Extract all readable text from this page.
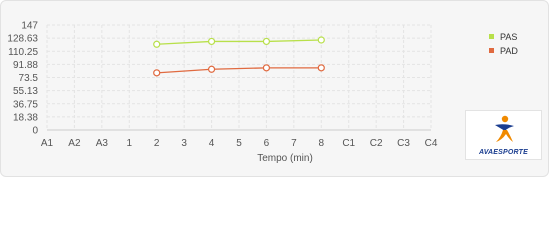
0
18.38
36.75
55.13
73.5
91.88
110.25
128.63
147
A1 A2 A3 1 2 3 4 5 6 7 8 C1 C2 C3 C4
Tempo (min)
PAS
PAD
AVAESPORTE
